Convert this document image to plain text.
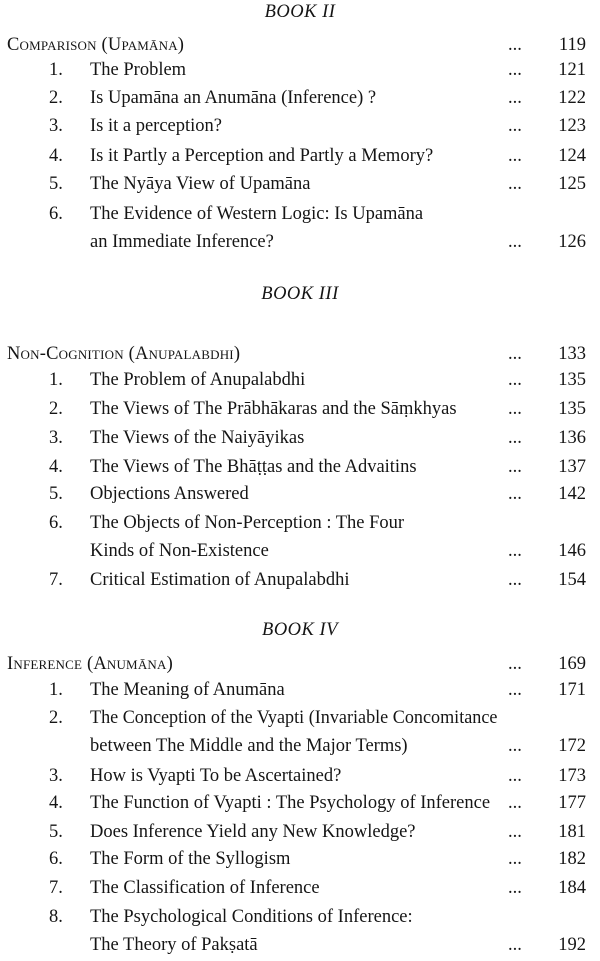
BOOK II
Comparison (Upamāna)	...	119
1. The Problem	...	121
2. Is Upamāna an Anumāna (Inference) ?	...	122
3. Is it a perception?	...	123
4. Is it Partly a Perception and Partly a Memory?	...	124
5. The Nyāya View of Upamāna	...	125
6. The Evidence of Western Logic: Is Upamāna
an Immediate Inference?	...	126
BOOK III
Non-Cognition (Anupalabdhi)	...	133
1. The Problem of Anupalabdhi	...	135
2. The Views of The Prābhākaras and the Sāṃkhyas	...	135
3. The Views of the Naiyāyikas	...	136
4. The Views of The Bhāṭṭas and the Advaitins	...	137
5. Objections Answered	...	142
6. The Objects of Non-Perception : The Four
Kinds of Non-Existence	...	146
7. Critical Estimation of Anupalabdhi	...	154
BOOK IV
Inference (Anumāna)	...	169
1. The Meaning of Anumāna	...	171
2. The Conception of the Vyapti (Invariable Concomitance
between The Middle and the Major Terms)	...	172
3. How is Vyapti To be Ascertained?	...	173
4. The Function of Vyapti : The Psychology of Inference ...	177
5. Does Inference Yield any New Knowledge?	...	181
6. The Form of the Syllogism	...	182
7. The Classification of Inference	...	184
8. The Psychological Conditions of Inference:
The Theory of Pakṣatā	...	192
